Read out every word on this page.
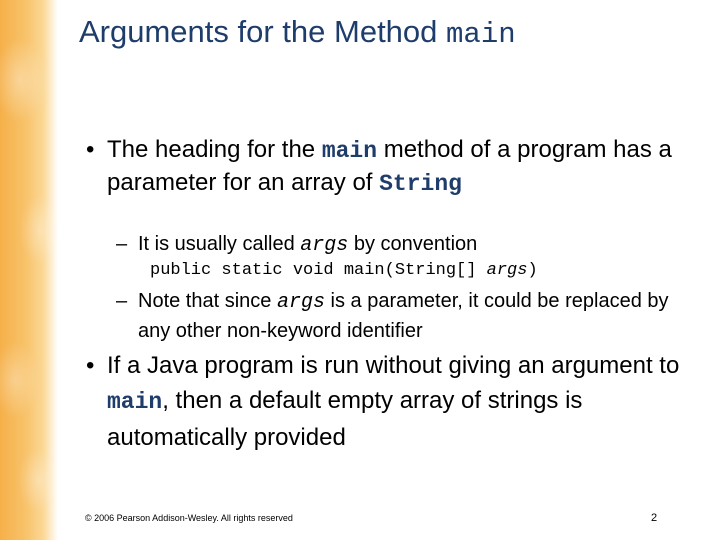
Arguments for the Method main
• The heading for the main method of a program has a parameter for an array of String
– It is usually called args by convention
public static void main(String[] args)
– Note that since args is a parameter, it could be replaced by any other non-keyword identifier
• If a Java program is run without giving an argument to main, then a default empty array of strings is automatically provided
© 2006 Pearson Addison-Wesley. All rights reserved	2
